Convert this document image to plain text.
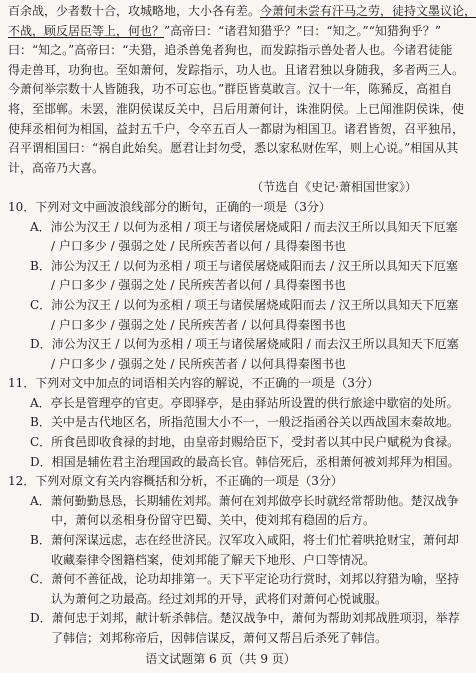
百余战，少者数十合，攻城略地，大小各有差。今萧何未尝有汗马之劳，徒持文墨议论，
不战，顾反居臣等上，何也？”高帝曰：“诸君知猎乎？”曰：“知之。”“知猎狗乎？”
曰：“知之。”高帝曰：“夫猎，追杀兽兔者狗也，而发踪指示兽处者人也。今诸君徒能
得走兽耳，功狗也。至如萧何，发踪指示，功人也。且诸君独以身随我，多者两三人。
今萧何举宗数十人皆随我，功不可忘也。”群臣皆莫敢言。汉十一年，陈豨反，高祖自
将，至邯郸。未罢，淮阴侯谋反关中，吕后用萧何计，诛淮阴侯。上已闻淮阴侯诛，使
使拜丞相何为相国，益封五千户，令卒五百人一都尉为相国卫。诸君皆贺，召平独吊，
召平谓相国曰：“祸自此始矣。愿君让封勿受，悉以家私财佐军，则上心说。”相国从其
计，高帝乃大喜。
（节选自《史记·萧相国世家》）
10．下列对文中画波浪线部分的断句，正确的一项是（3分）
A．沛公为汉王 / 以何为丞相 / 项王与诸侯屠烧咸阳 / 而去汉王所以具知天下厄塞
/ 户口多少 / 强弱之处 / 民所疾苦者以何 / 具得秦图书也
B．沛公为汉王 / 以何为丞相 / 项王与诸侯屠烧咸阳而去 / 汉王所以具知天下厄塞
/ 户口多少 / 强弱之处 / 民所疾苦者以何 / 具得秦图书也
C．沛公为汉王 / 以何为丞相 / 项王与诸侯屠烧咸阳而去 / 汉王所以具知天下厄塞
/ 户口多少 / 强弱之处 / 民所疾苦者 / 以何具得秦图书也
D．沛公为汉王 / 以何为丞相 / 项王与诸侯屠烧咸阳 / 而去汉王所以具知天下厄塞
/ 户口多少 / 强弱之处 / 民所疾苦者 / 以何具得秦图书也
11．下列对文中加点的词语相关内容的解说，不正确的一项是（3分）
A．亭长是管理亭的官吏。亭即驿亭，是由驿站所设置的供行旅途中歇宿的处所。
B．关中是古代地区名，所指范围大小不一，一般泛指函谷关以西战国末秦故地。
C．所食邑即收食禄的封地，由皇帝封赐给臣下，受封者以其中民户赋税为食禄。
D．相国是辅佐君主治理国政的最高长官。韩信死后，丞相萧何被刘邦拜为相国。
12．下列对原文有关内容概括和分析，不正确的一项是（3分）
A．萧何勤勤恳恳，长期辅佐刘邦。萧何在刘邦做亭长时就经常帮助他。楚汉战争
中，萧何以丞相身份留守巴蜀、关中，使刘邦有稳固的后方。
B．萧何深谋远虑，志在经世济民。汉军攻入咸阳，将士们忙着哄抢财宝，萧何却
收藏秦律令图籍档案，使刘邦能了解天下地形、户口等情况。
C．萧何不善征战，论功却排第一。天下平定论功行赏时，刘邦以狩猎为喻，坚持
认为萧何之功最高。经过刘邦的开导，武将们对萧何心悦诚服。
D．萧何忠于刘邦，献计斩杀韩信。楚汉战争中，萧何为帮助刘邦战胜项羽，举荐
了韩信；刘邦称帝后，因韩信谋反，萧何又帮吕后杀死了韩信。
语文试题第 6 页（共 9 页）
